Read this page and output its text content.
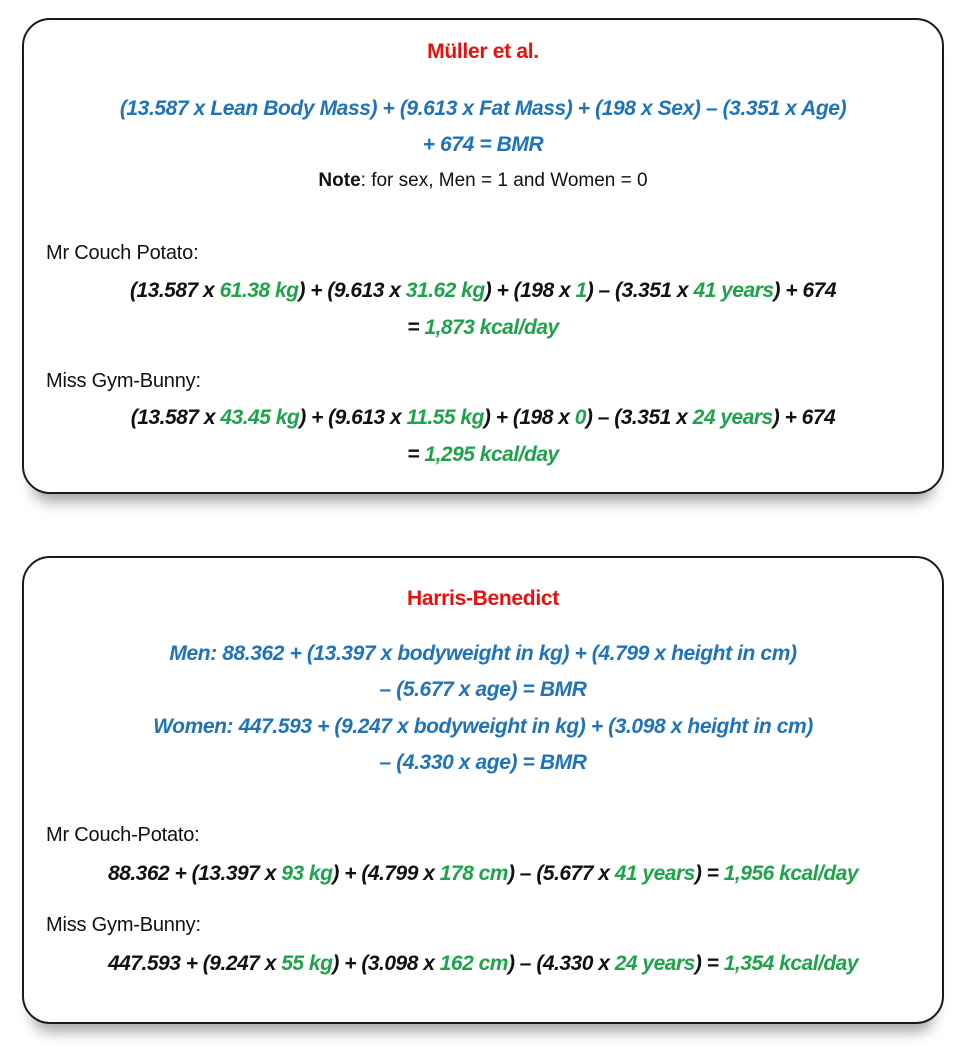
Müller et al.
(13.587 x Lean Body Mass) + (9.613 x Fat Mass) + (198 x Sex) – (3.351 x Age)
+ 674 = BMR
Note: for sex, Men = 1 and Women = 0
Mr Couch Potato:
(13.587 x 61.38 kg) + (9.613 x 31.62 kg) + (198 x 1) – (3.351 x 41 years) + 674
= 1,873 kcal/day
Miss Gym-Bunny:
(13.587 x 43.45 kg) + (9.613 x 11.55 kg) + (198 x 0) – (3.351 x 24 years) + 674
= 1,295 kcal/day
Harris-Benedict
Men: 88.362 + (13.397 x bodyweight in kg) + (4.799 x height in cm)
– (5.677 x age) = BMR
Women: 447.593 + (9.247 x bodyweight in kg) + (3.098 x height in cm)
– (4.330 x age) = BMR
Mr Couch-Potato:
88.362 + (13.397 x 93 kg) + (4.799 x 178 cm) – (5.677 x 41 years) = 1,956 kcal/day
Miss Gym-Bunny:
447.593 + (9.247 x 55 kg) + (3.098 x 162 cm) – (4.330 x 24 years) = 1,354 kcal/day
